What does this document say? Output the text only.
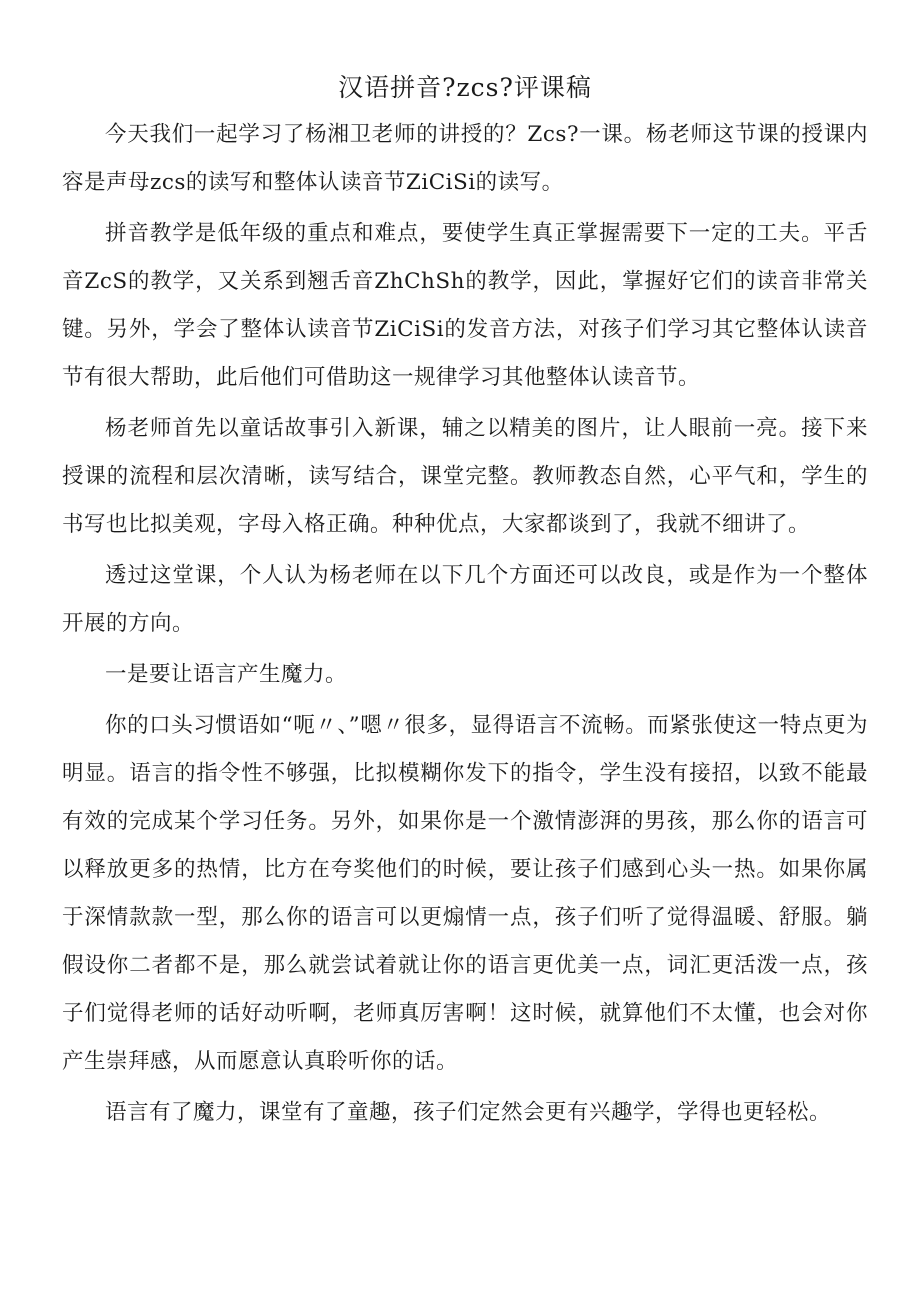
汉语拼音?zcs?评课稿

今天我们一起学习了杨湘卫老师的讲授的？Zcs?一课。杨老师这节课的授课内容是声母zcs的读写和整体认读音节ZiCiSi的读写。

拼音教学是低年级的重点和难点，要使学生真正掌握需要下一定的工夫。平舌音ZcS的教学，又关系到翘舌音ZhChSh的教学，因此，掌握好它们的读音非常关键。另外，学会了整体认读音节ZiCiSi的发音方法，对孩子们学习其它整体认读音节有很大帮助，此后他们可借助这一规律学习其他整体认读音节。

杨老师首先以童话故事引入新课，辅之以精美的图片，让人眼前一亮。接下来授课的流程和层次清晰，读写结合，课堂完整。教师教态自然，心平气和，学生的书写也比拟美观，字母入格正确。种种优点，大家都谈到了，我就不细讲了。

透过这堂课，个人认为杨老师在以下几个方面还可以改良，或是作为一个整体开展的方向。

一是要让语言产生魔力。

你的口头习惯语如“呃〃、”嗯〃很多，显得语言不流畅。而紧张使这一特点更为明显。语言的指令性不够强，比拟模糊你发下的指令，学生没有接招，以致不能最有效的完成某个学习任务。另外，如果你是一个激情澎湃的男孩，那么你的语言可以释放更多的热情，比方在夸奖他们的时候，要让孩子们感到心头一热。如果你属于深情款款一型，那么你的语言可以更煽情一点，孩子们听了觉得温暖、舒服。躺假设你二者都不是，那么就尝试着就让你的语言更优美一点，词汇更活泼一点，孩子们觉得老师的话好动听啊，老师真厉害啊！这时候，就算他们不太懂，也会对你产生崇拜感，从而愿意认真聆听你的话。

语言有了魔力，课堂有了童趣，孩子们定然会更有兴趣学，学得也更轻松。
